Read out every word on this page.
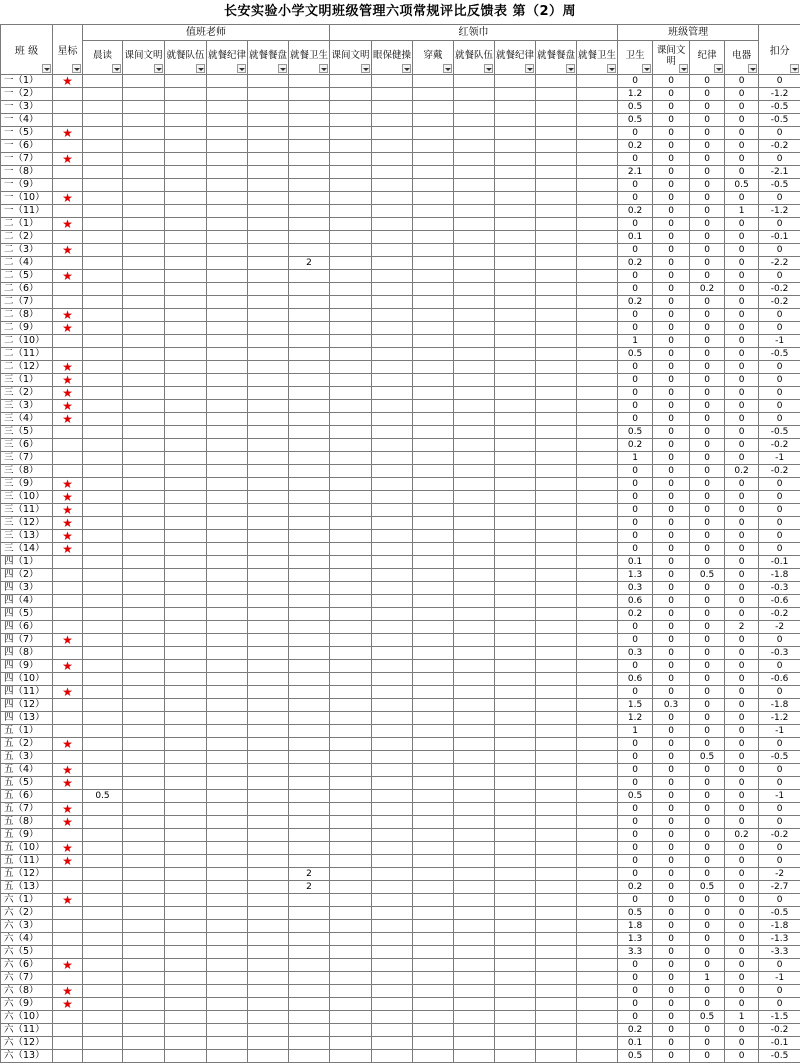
长安实验小学文明班级管理六项常规评比反馈表 第（2）周
班 级	星标	值班老师						红领巾							班级管理				扣分

		晨读	课间文明	就餐队伍	就餐纪律	就餐餐盘	就餐卫生	课间文明	眼保健操	穿戴	就餐队伍	就餐纪律	就餐餐盘	就餐卫生	卫生	课间文明	纪律	电器	

一（1）	★														0	0	0	0	0
一（2）															1.2	0	0	0	-1.2
一（3）															0.5	0	0	0	-0.5
一（4）															0.5	0	0	0	-0.5
一（5）	★														0	0	0	0	0
一（6）															0.2	0	0	0	-0.2
一（7）	★														0	0	0	0	0
一（8）															2.1	0	0	0	-2.1
一（9）															0	0	0	0.5	-0.5
一（10）	★														0	0	0	0	0
一（11）															0.2	0	0	1	-1.2
二（1）	★														0	0	0	0	0
二（2）															0.1	0	0	0	-0.1
二（3）	★														0	0	0	0	0
二（4）							2								0.2	0	0	0	-2.2
二（5）	★														0	0	0	0	0
二（6）															0	0	0.2	0	-0.2
二（7）															0.2	0	0	0	-0.2
二（8）	★														0	0	0	0	0
二（9）	★														0	0	0	0	0
二（10）															1	0	0	0	-1
二（11）															0.5	0	0	0	-0.5
二（12）	★														0	0	0	0	0
三（1）	★														0	0	0	0	0
三（2）	★														0	0	0	0	0
三（3）	★														0	0	0	0	0
三（4）	★														0	0	0	0	0
三（5）															0.5	0	0	0	-0.5
三（6）															0.2	0	0	0	-0.2
三（7）															1	0	0	0	-1
三（8）															0	0	0	0.2	-0.2
三（9）	★														0	0	0	0	0
三（10）	★														0	0	0	0	0
三（11）	★														0	0	0	0	0
三（12）	★														0	0	0	0	0
三（13）	★														0	0	0	0	0
三（14）	★														0	0	0	0	0
四（1）															0.1	0	0	0	-0.1
四（2）															1.3	0	0.5	0	-1.8
四（3）															0.3	0	0	0	-0.3
四（4）															0.6	0	0	0	-0.6
四（5）															0.2	0	0	0	-0.2
四（6）															0	0	0	2	-2
四（7）	★														0	0	0	0	0
四（8）															0.3	0	0	0	-0.3
四（9）	★														0	0	0	0	0
四（10）															0.6	0	0	0	-0.6
四（11）	★														0	0	0	0	0
四（12）															1.5	0.3	0	0	-1.8
四（13）															1.2	0	0	0	-1.2
五（1）															1	0	0	0	-1
五（2）	★														0	0	0	0	0
五（3）															0	0	0.5	0	-0.5
五（4）	★														0	0	0	0	0
五（5）	★														0	0	0	0	0
五（6）		0.5													0.5	0	0	0	-1
五（7）	★														0	0	0	0	0
五（8）	★														0	0	0	0	0
五（9）															0	0	0	0.2	-0.2
五（10）	★														0	0	0	0	0
五（11）	★														0	0	0	0	0
五（12）							2								0	0	0	0	-2
五（13）							2								0.2	0	0.5	0	-2.7
六（1）	★														0	0	0	0	0
六（2）															0.5	0	0	0	-0.5
六（3）															1.8	0	0	0	-1.8
六（4）															1.3	0	0	0	-1.3
六（5）															3.3	0	0	0	-3.3
六（6）	★														0	0	0	0	0
六（7）															0	0	1	0	-1
六（8）	★														0	0	0	0	0
六（9）	★														0	0	0	0	0
六（10）															0	0	0.5	1	-1.5
六（11）															0.2	0	0	0	-0.2
六（12）															0.1	0	0	0	-0.1
六（13）															0.5	0	0	0	-0.5
